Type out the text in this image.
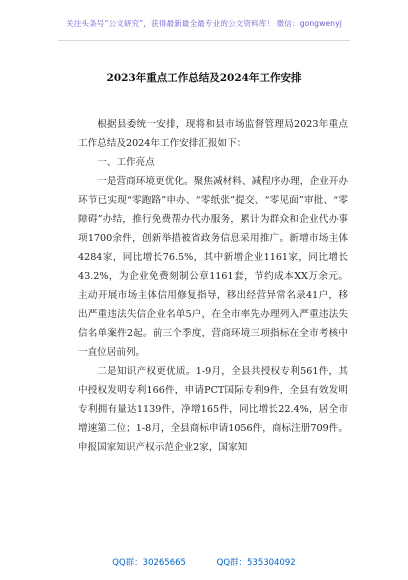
关注头条号“公文研究”，获得最新最全最专业的公文资料库！ 微信：gongwenyj
2023年重点工作总结及2024年工作安排

根据县委统一安排，现将和县市场监督管理局2023年重点工作总结及2024年工作安排汇报如下：

一、工作亮点

一是营商环境更优化。聚焦减材料、减程序办理，企业开办环节已实现“零跑路”申办、“零纸张”提交、“零见面”审批、“零障碍”办结，推行免费帮办代办服务，累计为群众和企业代办事项1700余件，创新举措被省政务信息采用推广。新增市场主体4284家，同比增长76.5%，其中新增企业1161家，同比增长43.2%，为企业免费刻制公章1161套，节约成本XX万余元。主动开展市场主体信用修复指导，移出经营异常名录41户，移出严重违法失信企业名单5户，在全市率先办理列入严重违法失信名单案件2起。前三个季度，营商环境三项指标在全市考核中一直位居前列。

二是知识产权更优质。1-9月，全县共授权专利561件，其中授权发明专利166件，申请PCT国际专利9件，全县有效发明专利拥有量达1139件，净增165件，同比增长22.4%，居全市增速第二位；1-8月，全县商标申请1056件，商标注册709件。申报国家知识产权示范企业2家，国家知

QQ群：30265665	QQ群：535304092
